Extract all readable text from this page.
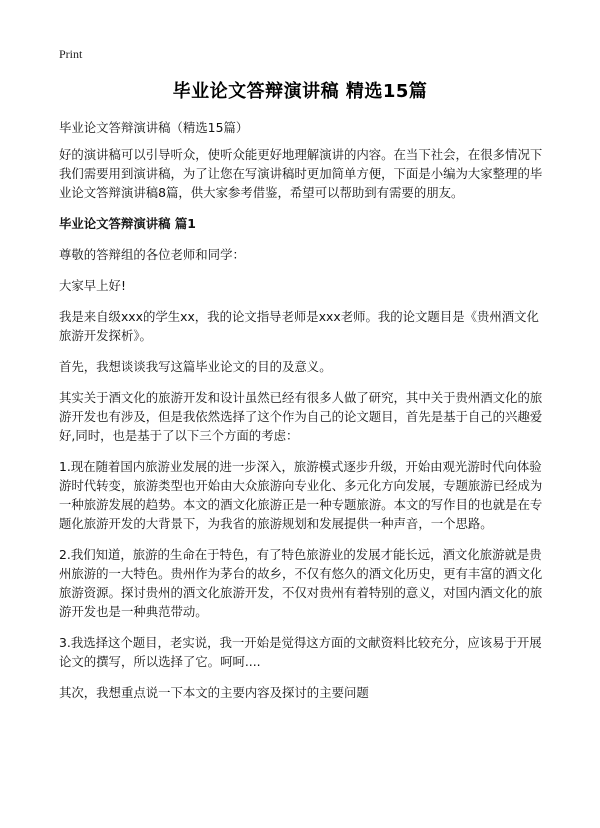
Print
毕业论文答辩演讲稿 精选15篇

毕业论文答辩演讲稿（精选15篇）

好的演讲稿可以引导听众，使听众能更好地理解演讲的内容。在当下社会，在很多情况下我们需要用到演讲稿，为了让您在写演讲稿时更加简单方便，下面是小编为大家整理的毕业论文答辩演讲稿8篇，供大家参考借鉴，希望可以帮助到有需要的朋友。

毕业论文答辩演讲稿 篇1

尊敬的答辩组的各位老师和同学：

大家早上好!

我是来自级xxx的学生xx，我的论文指导老师是xxx老师。我的论文题目是《贵州酒文化旅游开发探析》。

首先，我想谈谈我写这篇毕业论文的目的及意义。

其实关于酒文化的旅游开发和设计虽然已经有很多人做了研究，其中关于贵州酒文化的旅游开发也有涉及，但是我依然选择了这个作为自己的论文题目，首先是基于自己的兴趣爱好,同时，也是基于了以下三个方面的考虑：

1.现在随着国内旅游业发展的进一步深入，旅游模式逐步升级，开始由观光游时代向体验游时代转变，旅游类型也开始由大众旅游向专业化、多元化方向发展，专题旅游已经成为一种旅游发展的趋势。本文的酒文化旅游正是一种专题旅游。本文的写作目的也就是在专题化旅游开发的大背景下，为我省的旅游规划和发展提供一种声音，一个思路。

2.我们知道，旅游的生命在于特色，有了特色旅游业的发展才能长远，酒文化旅游就是贵州旅游的一大特色。贵州作为茅台的故乡，不仅有悠久的酒文化历史，更有丰富的酒文化旅游资源。探讨贵州的酒文化旅游开发，不仅对贵州有着特别的意义，对国内酒文化的旅游开发也是一种典范带动。

3.我选择这个题目，老实说，我一开始是觉得这方面的文献资料比较充分，应该易于开展论文的撰写，所以选择了它。呵呵....

其次，我想重点说一下本文的主要内容及探讨的主要问题
